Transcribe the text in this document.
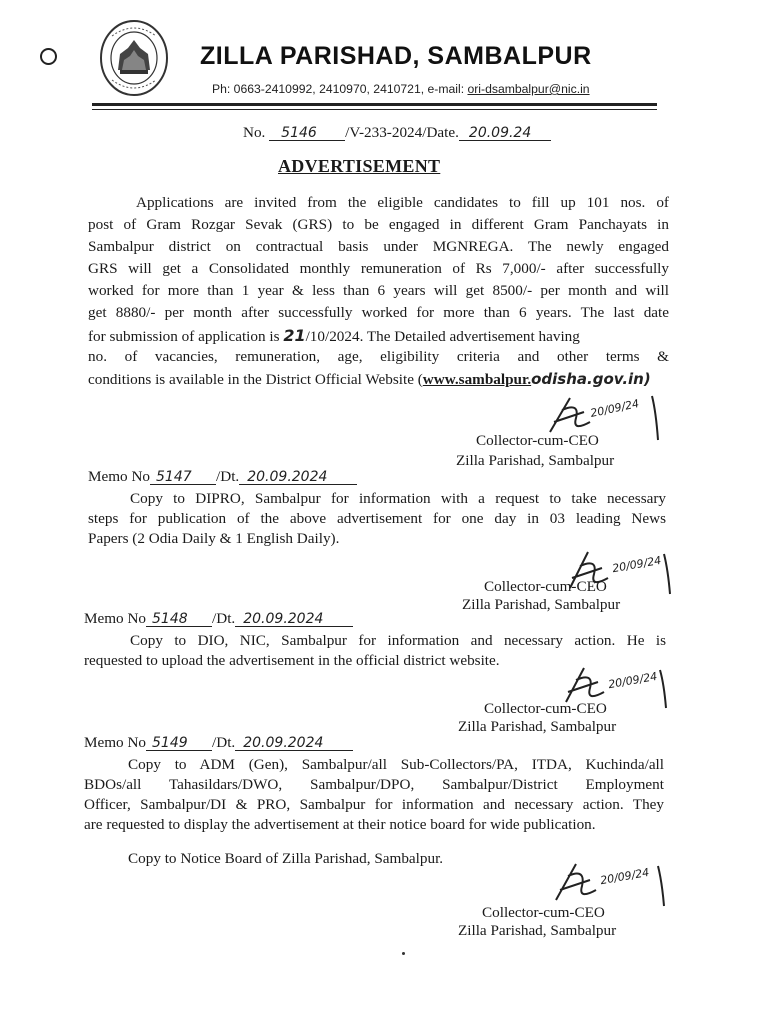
ZILLA PARISHAD, SAMBALPUR
Ph: 0663-2410992, 2410970, 2410721, e-mail: ori-dsambalpur@nic.in
No. 5146 /V-233-2024/Date. 20.09.24
ADVERTISEMENT
Applications are invited from the eligible candidates to fill up 101 nos. of
post of Gram Rozgar Sevak (GRS) to be engaged in different Gram Panchayats in
Sambalpur district on contractual basis under MGNREGA. The newly engaged
GRS will get a Consolidated monthly remuneration of Rs 7,000/- after successfully
worked for more than 1 year & less than 6 years will get 8500/- per month and will
get 8880/- per month after successfully worked for more than 6 years. The last date
for submission of application is 21/10/2024. The Detailed advertisement having
no. of vacancies, remuneration, age, eligibility criteria and other terms &
conditions is available in the District Official Website (www.sambalpur.odisha.gov.in)
20/09/24
Collector-cum-CEO
Zilla Parishad, Sambalpur
Memo No 5147 /Dt. 20.09.2024
Copy to DIPRO, Sambalpur for information with a request to take necessary
steps for publication of the above advertisement for one day in 03 leading News
Papers (2 Odia Daily & 1 English Daily).
20/09/24
Collector-cum-CEO
Zilla Parishad, Sambalpur
Memo No 5148 /Dt. 20.09.2024
Copy to DIO, NIC, Sambalpur for information and necessary action. He is
requested to upload the advertisement in the official district website.
20/09/24
Collector-cum-CEO
Zilla Parishad, Sambalpur
Memo No 5149 /Dt. 20.09.2024
Copy to ADM (Gen), Sambalpur/all Sub-Collectors/PA, ITDA, Kuchinda/all
BDOs/all Tahasildars/DWO, Sambalpur/DPO, Sambalpur/District Employment
Officer, Sambalpur/DI & PRO, Sambalpur for information and necessary action. They
are requested to display the advertisement at their notice board for wide publication.
Copy to Notice Board of Zilla Parishad, Sambalpur.
20/09/24
Collector-cum-CEO
Zilla Parishad, Sambalpur
